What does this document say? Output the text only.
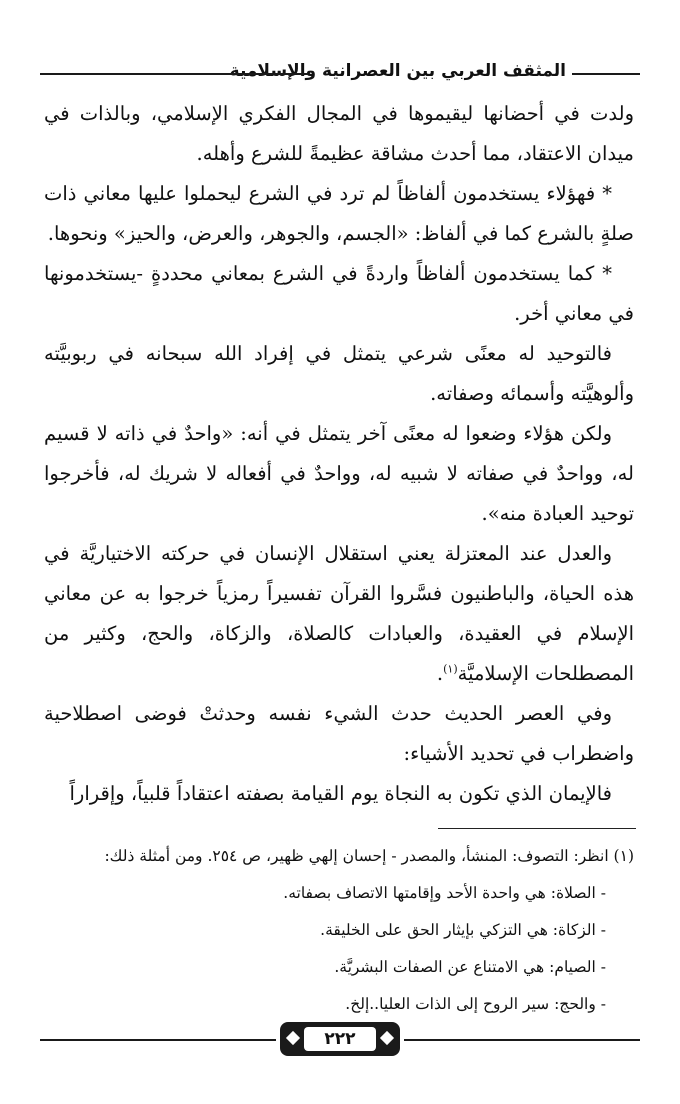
المثقف العربي بين العصرانية والإسلامية

ولدت في أحضانها ليقيموها في المجال الفكري الإسلامي، وبالذات في ميدان الاعتقاد، مما أحدث مشاقة عظيمةً للشرع وأهله.

* فهؤلاء يستخدمون ألفاظاً لم ترد في الشرع ليحملوا عليها معاني ذات صلةٍ بالشرع كما في ألفاظ: «الجسم، والجوهر، والعرض، والحيز» ونحوها.

* كما يستخدمون ألفاظاً واردةً في الشرع بمعاني محددةٍ -يستخدمونها في معاني أخر.

فالتوحيد له معنًى شرعي يتمثل في إفراد الله سبحانه في ربوبيَّته وألوهيَّته وأسمائه وصفاته.

ولكن هؤلاء وضعوا له معنًى آخر يتمثل في أنه: «واحدٌ في ذاته لا قسيم له، وواحدٌ في صفاته لا شبيه له، وواحدٌ في أفعاله لا شريك له، فأخرجوا توحيد العبادة منه».

والعدل عند المعتزلة يعني استقلال الإنسان في حركته الاختياريَّة في هذه الحياة، والباطنيون فسَّروا القرآن تفسيراً رمزياً خرجوا به عن معاني الإسلام في العقيدة، والعبادات كالصلاة، والزكاة، والحج، وكثير من المصطلحات الإسلاميَّة$^{(١)}$.

وفي العصر الحديث حدث الشيء نفسه وحدثتْ فوضى اصطلاحية واضطراب في تحديد الأشياء:

فالإيمان الذي تكون به النجاة يوم القيامة بصفته اعتقاداً قلبياً، وإقراراً

(١) انظر: التصوف: المنشأ، والمصدر - إحسان إلهي ظهير، ص ٢٥٤. ومن أمثلة ذلك:

- الصلاة: هي واحدة الأحد وإقامتها الاتصاف بصفاته.

- الزكاة: هي التزكي بإيثار الحق على الخليقة.

- الصيام: هي الامتناع عن الصفات البشريَّة.

- والحج: سير الروح إلى الذات العليا..إلخ.

٢٢٢
